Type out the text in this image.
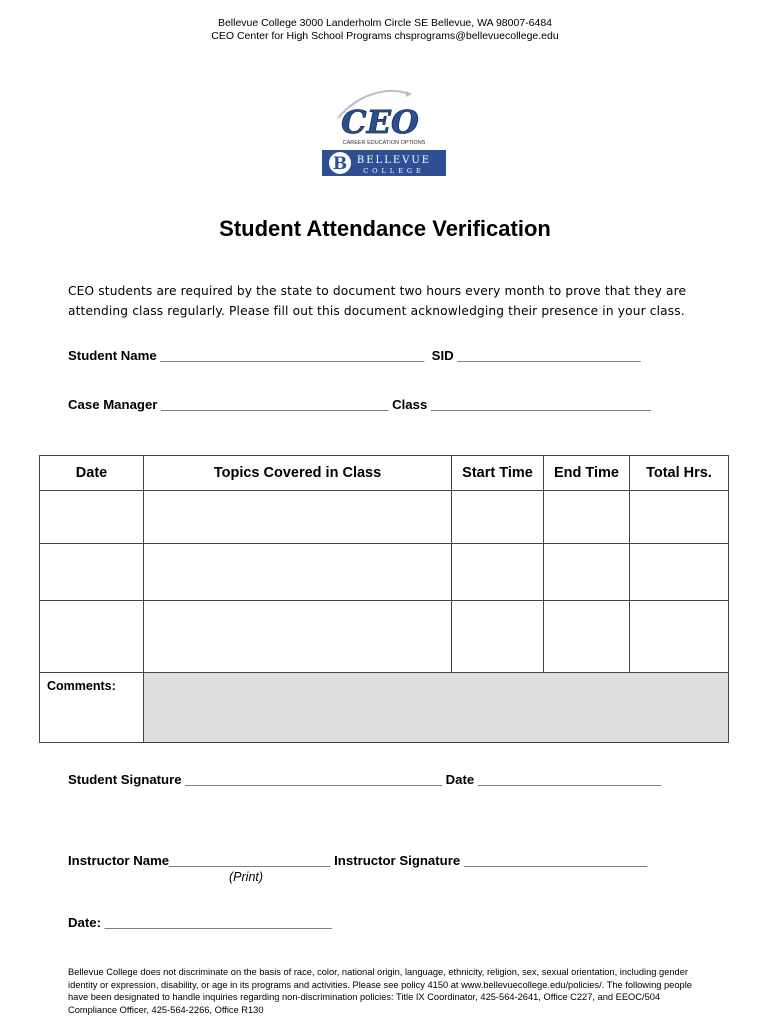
Bellevue College 3000 Landerholm Circle SE Bellevue, WA 98007-6484
CEO Center for High School Programs chsprograms@bellevuecollege.edu
CEO
CAREER EDUCATION OPTIONS
B BELLEVUE
COLLEGE
Student Attendance Verification
CEO students are required by the state to document two hours every month to prove that they are attending class regularly. Please fill out this document acknowledging their presence in your class.
Student Name ____________________________________  SID _________________________
Case Manager _______________________________ Class ______________________________
Date	Topics Covered in Class	Start Time	End Time	Total Hrs.

Comments:				
Student Signature ___________________________________ Date _________________________
Instructor Name______________________ Instructor Signature _________________________
(Print)
Date: _______________________________
Bellevue College does not discriminate on the basis of race, color, national origin, language, ethnicity, religion, sex, sexual orientation, including gender identity or expression, disability, or age in its programs and activities. Please see policy 4150 at www.bellevuecollege.edu/policies/. The following people have been designated to handle inquiries regarding non-discrimination policies: Title IX Coordinator, 425-564-2641, Office C227, and EEOC/504 Compliance Officer, 425-564-2266, Office R130
